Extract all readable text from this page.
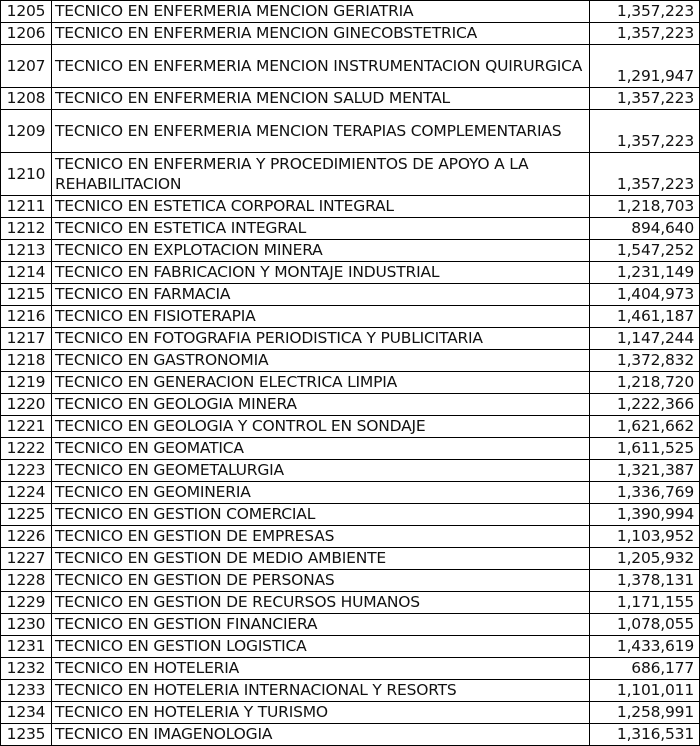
1205	TECNICO EN ENFERMERIA MENCION GERIATRIA	1,357,223
1206	TECNICO EN ENFERMERIA MENCION GINECOBSTETRICA	1,357,223
1207	TECNICO EN ENFERMERIA MENCION INSTRUMENTACION QUIRURGICA	1,291,947
1208	TECNICO EN ENFERMERIA MENCION SALUD MENTAL	1,357,223
1209	TECNICO EN ENFERMERIA MENCION TERAPIAS COMPLEMENTARIAS	1,357,223
1210	TECNICO EN ENFERMERIA Y PROCEDIMIENTOS DE APOYO A LA REHABILITACION	1,357,223
1211	TECNICO EN ESTETICA CORPORAL INTEGRAL	1,218,703
1212	TECNICO EN ESTETICA INTEGRAL	894,640
1213	TECNICO EN EXPLOTACION MINERA	1,547,252
1214	TECNICO EN FABRICACION Y MONTAJE INDUSTRIAL	1,231,149
1215	TECNICO EN FARMACIA	1,404,973
1216	TECNICO EN FISIOTERAPIA	1,461,187
1217	TECNICO EN FOTOGRAFIA PERIODISTICA Y PUBLICITARIA	1,147,244
1218	TECNICO EN GASTRONOMIA	1,372,832
1219	TECNICO EN GENERACION ELECTRICA LIMPIA	1,218,720
1220	TECNICO EN GEOLOGIA MINERA	1,222,366
1221	TECNICO EN GEOLOGIA Y CONTROL EN SONDAJE	1,621,662
1222	TECNICO EN GEOMATICA	1,611,525
1223	TECNICO EN GEOMETALURGIA	1,321,387
1224	TECNICO EN GEOMINERIA	1,336,769
1225	TECNICO EN GESTION COMERCIAL	1,390,994
1226	TECNICO EN GESTION DE EMPRESAS	1,103,952
1227	TECNICO EN GESTION DE MEDIO AMBIENTE	1,205,932
1228	TECNICO EN GESTION DE PERSONAS	1,378,131
1229	TECNICO EN GESTION DE RECURSOS HUMANOS	1,171,155
1230	TECNICO EN GESTION FINANCIERA	1,078,055
1231	TECNICO EN GESTION LOGISTICA	1,433,619
1232	TECNICO EN HOTELERIA	686,177
1233	TECNICO EN HOTELERIA INTERNACIONAL Y RESORTS	1,101,011
1234	TECNICO EN HOTELERIA Y TURISMO	1,258,991
1235	TECNICO EN IMAGENOLOGIA	1,316,531
